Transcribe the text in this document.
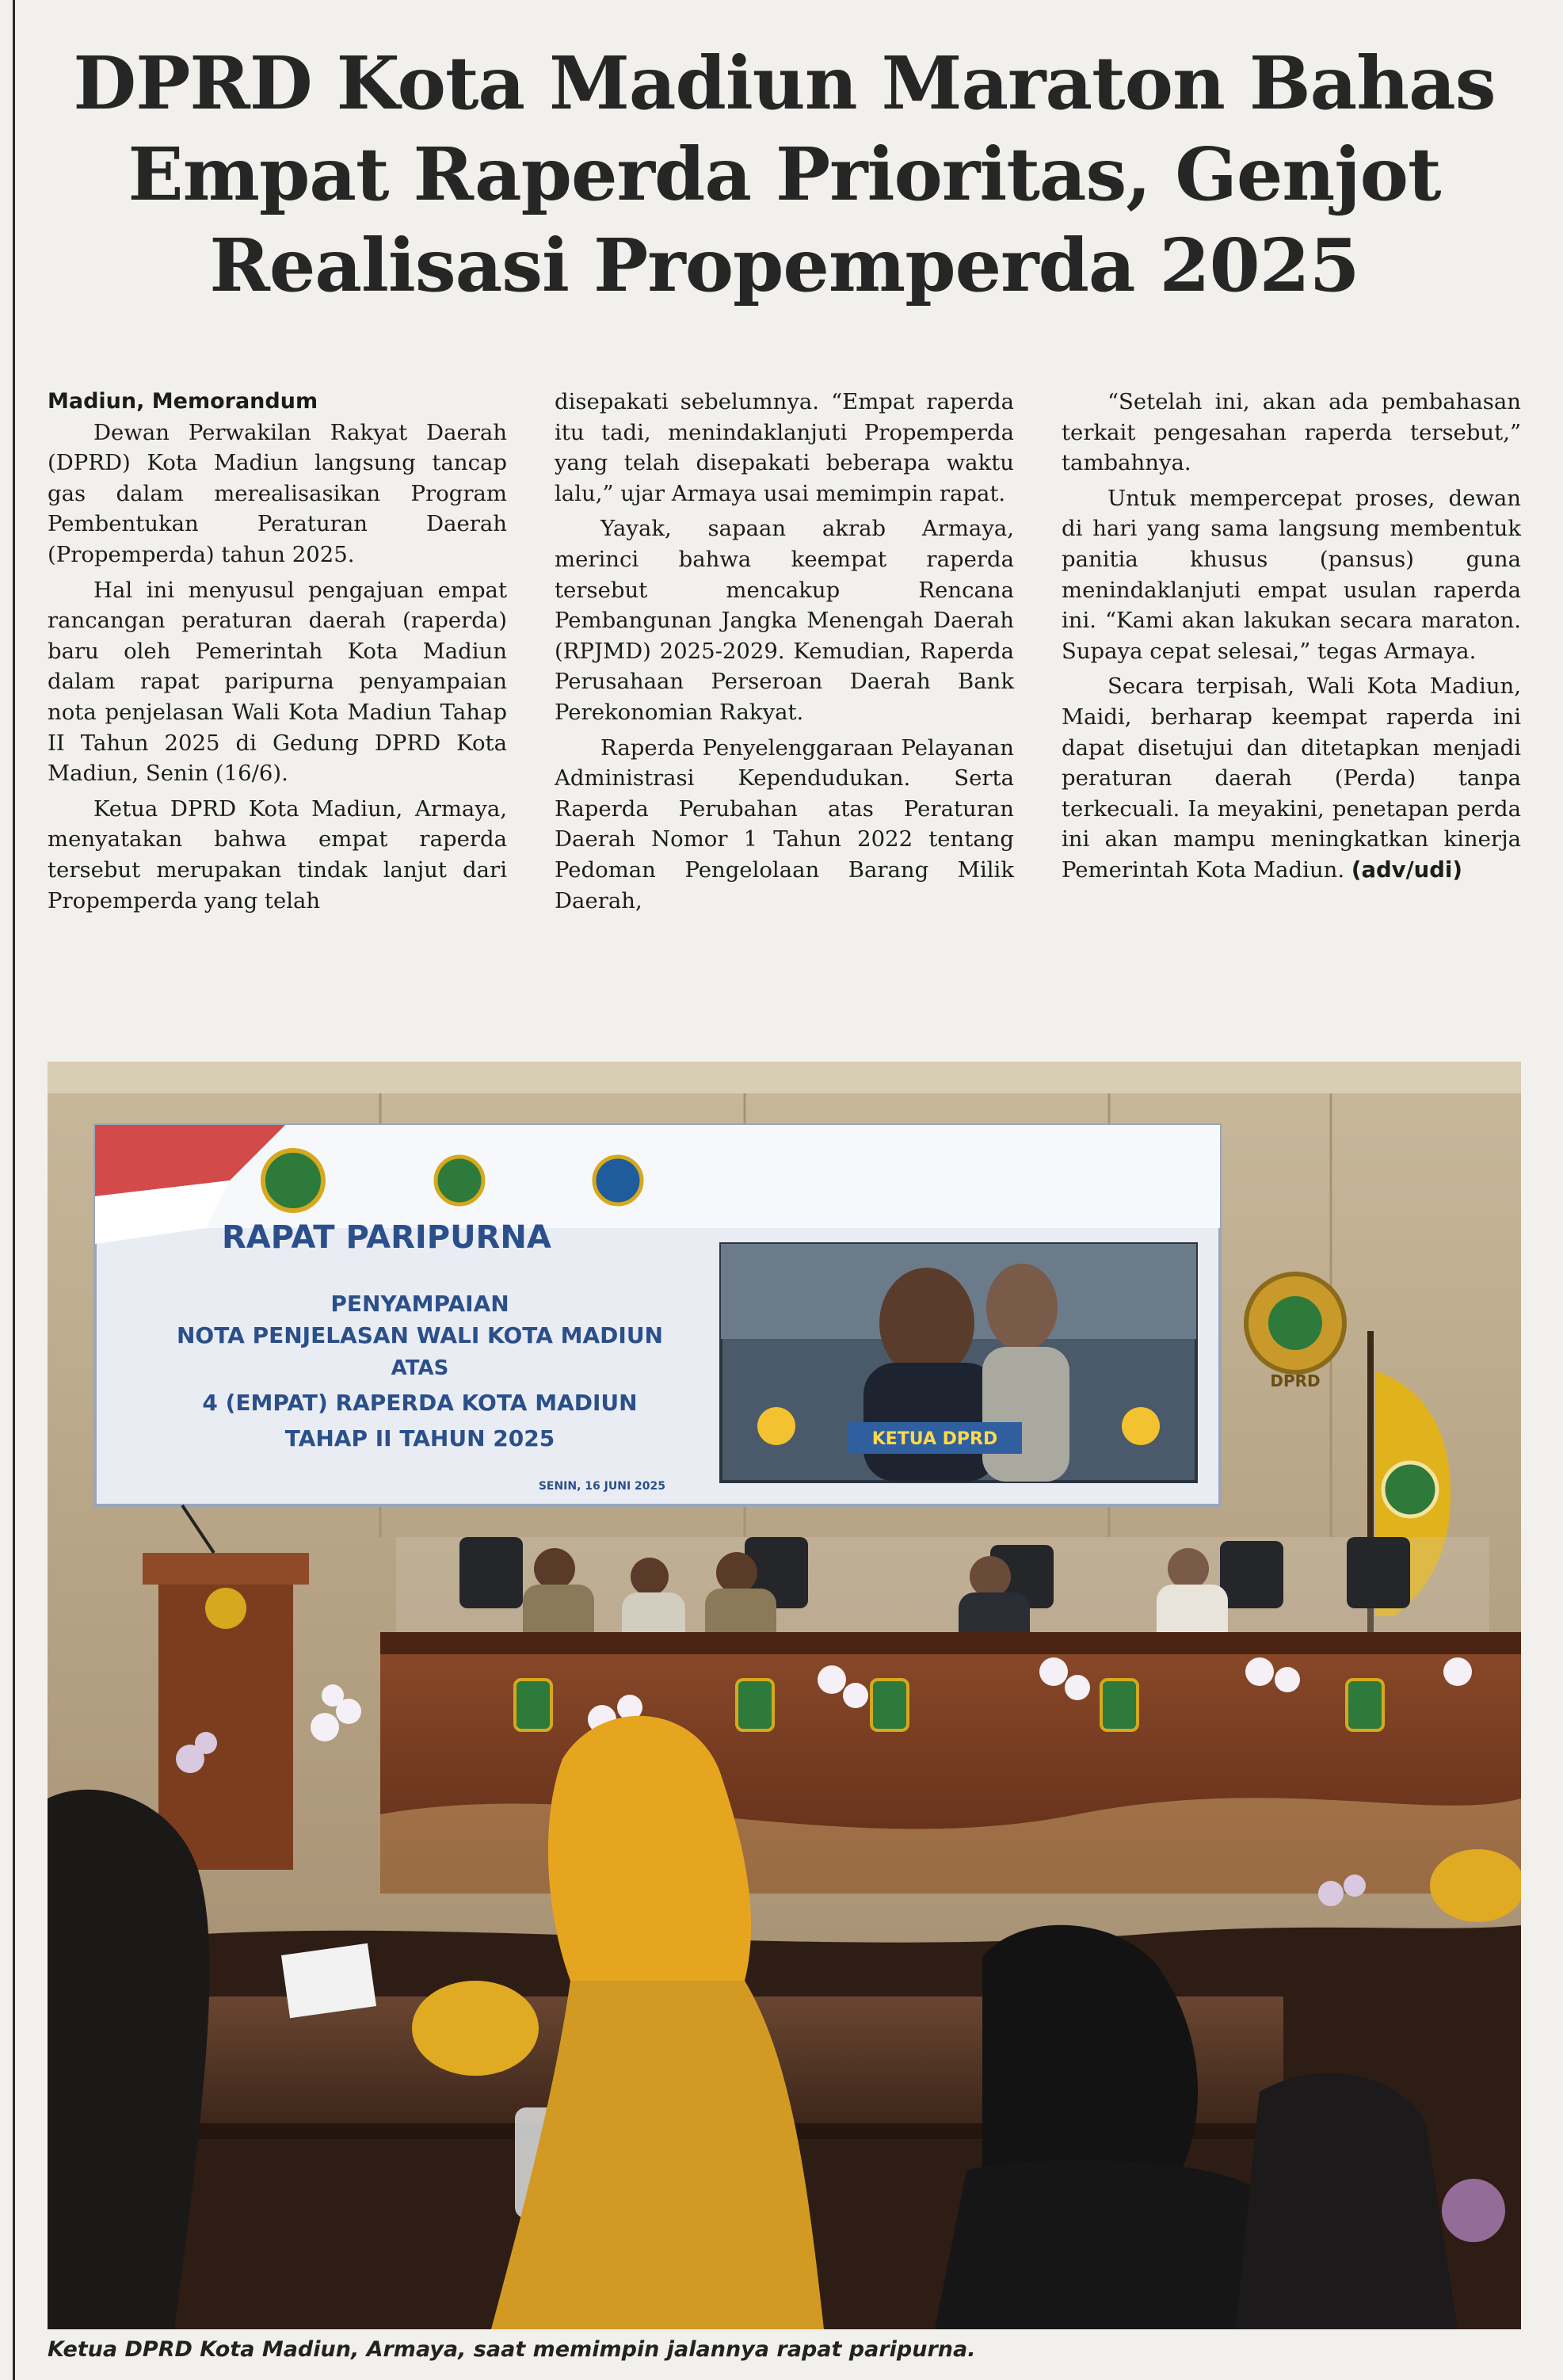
DPRD Kota Madiun Maraton Bahas
Empat Raperda Prioritas, Genjot
Realisasi Propemperda 2025
Madiun, Memorandum

Dewan Perwakilan Rakyat Daerah (DPRD) Kota Madiun langsung tancap gas dalam merealisasikan Program Pembentukan Peraturan Daerah (Propemperda) tahun 2025.

Hal ini menyusul pengajuan empat rancangan peraturan daerah (raperda) baru oleh Pemerintah Kota Madiun dalam rapat paripurna penyampaian nota penjelasan Wali Kota Madiun Tahap II Tahun 2025 di Gedung DPRD Kota Madiun, Senin (16/6).

Ketua DPRD Kota Madiun, Armaya, menyatakan bahwa empat raperda tersebut merupakan tindak lanjut dari Propemperda yang telah

disepakati sebelumnya. “Empat raperda itu tadi, menindaklanjuti Propemperda yang telah disepakati beberapa waktu lalu,” ujar Armaya usai memimpin rapat.

Yayak, sapaan akrab Armaya, merinci bahwa keempat raperda tersebut mencakup Rencana Pembangunan Jangka Menengah Daerah (RPJMD) 2025-2029. Kemudian, Raperda Perusahaan Perseroan Daerah Bank Perekonomian Rakyat.

Raperda Penyelenggaraan Pelayanan Administrasi Kependudukan. Serta Raperda Perubahan atas Peraturan Daerah Nomor 1 Tahun 2022 tentang Pedoman Pengelolaan Barang Milik Daerah,

“Setelah ini, akan ada pembahasan terkait pengesahan raperda tersebut,” tambahnya.

Untuk mempercepat proses, dewan di hari yang sama langsung membentuk panitia khusus (pansus) guna menindaklanjuti empat usulan raperda ini. “Kami akan lakukan secara maraton. Supaya cepat selesai,” tegas Armaya.

Secara terpisah, Wali Kota Madiun, Maidi, berharap keempat raperda ini dapat disetujui dan ditetapkan menjadi peraturan daerah (Perda) tanpa terkecuali. Ia meyakini, penetapan perda ini akan mampu meningkatkan kinerja Pemerintah Kota Madiun. (adv/udi)

RAPAT PARIPURNA
PENYAMPAIAN
NOTA PENJELASAN WALI KOTA MADIUN
ATAS
4 (EMPAT) RAPERDA KOTA MADIUN
TAHAP II TAHUN 2025
SENIN, 16 JUNI 2025
KETUA DPRD
DPRD
Ketua DPRD Kota Madiun, Armaya, saat memimpin jalannya rapat paripurna.
